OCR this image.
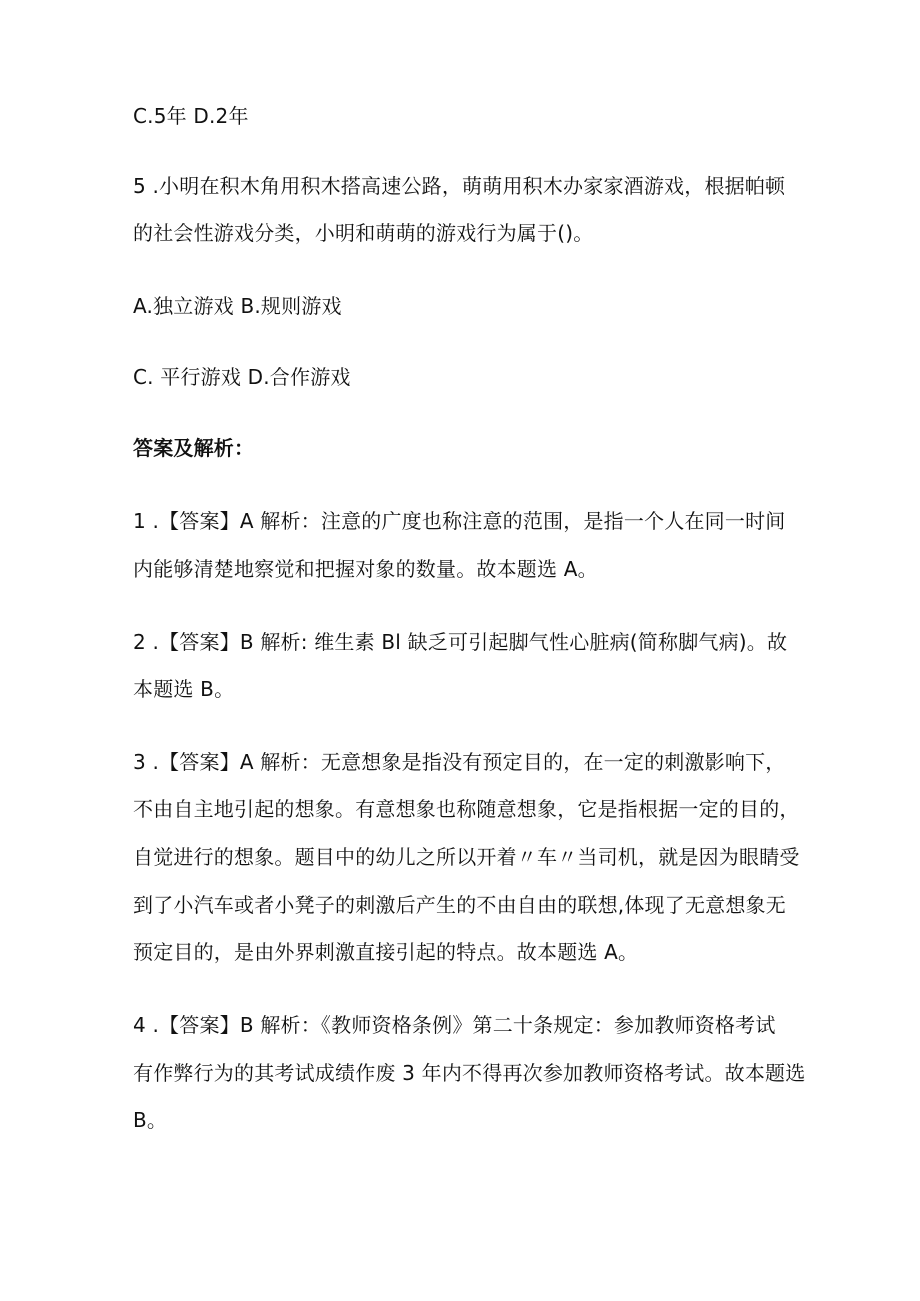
C.5年 D.2年
5 .小明在积木角用积木搭高速公路，萌萌用积木办家家酒游戏，根据帕顿
的社会性游戏分类，小明和萌萌的游戏行为属于()。
A.独立游戏 B.规则游戏
C. 平行游戏 D.合作游戏
答案及解析：
1 .【答案】A 解析：注意的广度也称注意的范围，是指一个人在同一时间
内能够清楚地察觉和把握对象的数量。故本题选 A。
2 .【答案】B 解析: 维生素 Bl 缺乏可引起脚气性心脏病(简称脚气病)。故
本题选 B。
3 .【答案】A 解析：无意想象是指没有预定目的，在一定的刺激影响下，
不由自主地引起的想象。有意想象也称随意想象，它是指根据一定的目的，
自觉进行的想象。题目中的幼儿之所以开着〃车〃当司机，就是因为眼睛受
到了小汽车或者小凳子的刺激后产生的不由自由的联想,体现了无意想象无
预定目的，是由外界刺激直接引起的特点。故本题选 A。
4 .【答案】B 解析：《教师资格条例》第二十条规定：参加教师资格考试
有作弊行为的其考试成绩作废 3 年内不得再次参加教师资格考试。故本题选
B。
